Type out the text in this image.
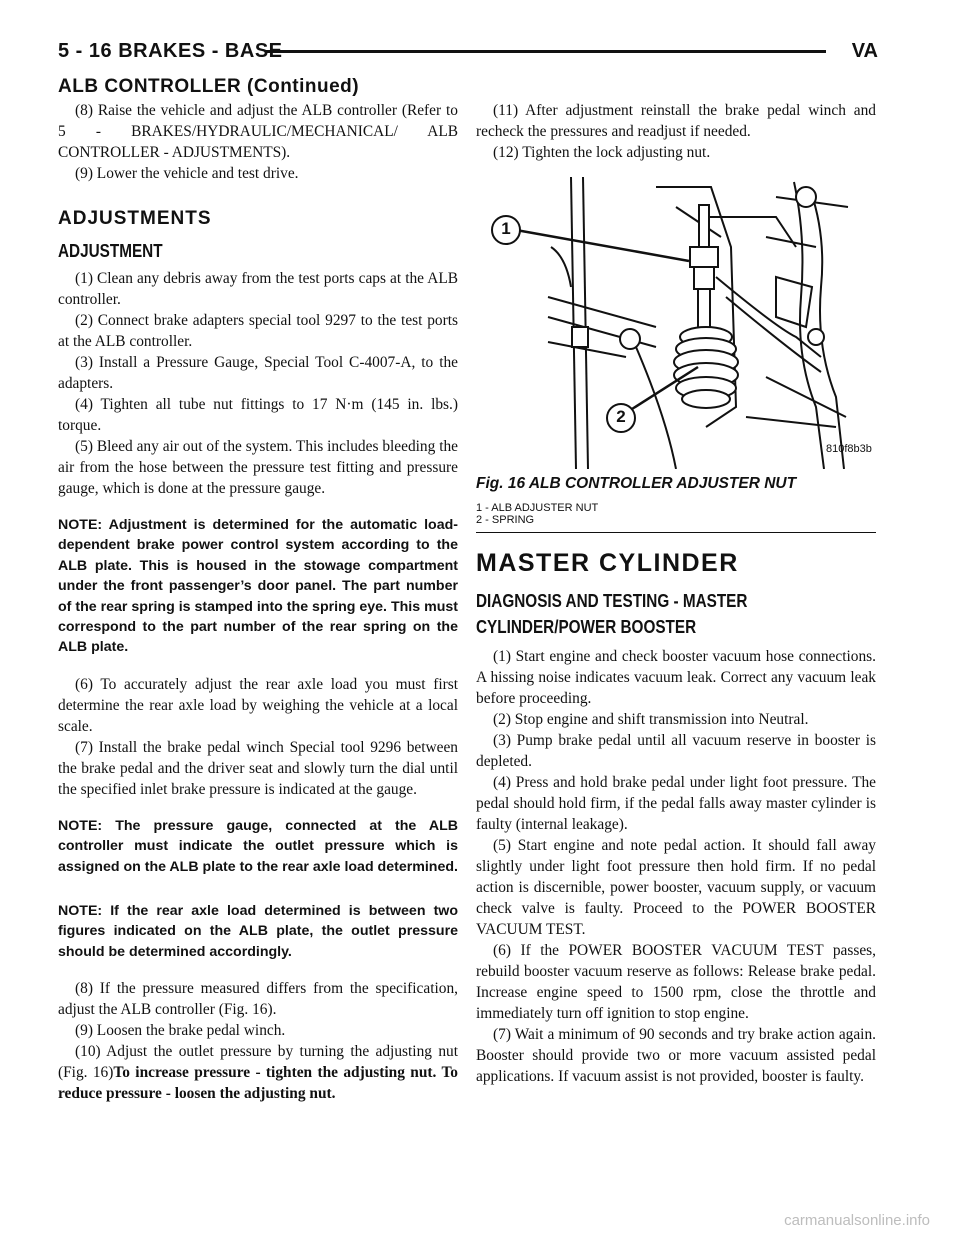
5 - 16 BRAKES - BASE	VA
ALB CONTROLLER (Continued)

(8) Raise the vehicle and adjust the ALB controller (Refer to 5 - BRAKES/HYDRAULIC/MECHANICAL/ ALB CONTROLLER - ADJUSTMENTS).

(9) Lower the vehicle and test drive.

ADJUSTMENTS
ADJUSTMENT

(1) Clean any debris away from the test ports caps at the ALB controller.

(2) Connect brake adapters special tool 9297 to the test ports at the ALB controller.

(3) Install a Pressure Gauge, Special Tool C-4007-A, to the adapters.

(4) Tighten all tube nut fittings to 17 N·m (145 in. lbs.) torque.

(5) Bleed any air out of the system. This includes bleeding the air from the hose between the pressure test fitting and pressure gauge, which is done at the pressure gauge.

NOTE: Adjustment is determined for the automatic load-dependent brake power control system according to the ALB plate. This is housed in the stowage compartment under the front passenger’s door panel. The part number of the rear spring is stamped into the spring eye. This must correspond to the part number of the rear spring on the ALB plate.

(6) To accurately adjust the rear axle load you must first determine the rear axle load by weighing the vehicle at a local scale.

(7) Install the brake pedal winch Special tool 9296 between the brake pedal and the driver seat and slowly turn the dial until the specified inlet brake pressure is indicated at the gauge.

NOTE: The pressure gauge, connected at the ALB controller must indicate the outlet pressure which is assigned on the ALB plate to the rear axle load determined.

NOTE: If the rear axle load determined is between two figures indicated on the ALB plate, the outlet pressure should be determined accordingly.

(8) If the pressure measured differs from the specification, adjust the ALB controller (Fig. 16).

(9) Loosen the brake pedal winch.

(10) Adjust the outlet pressure by turning the adjusting nut (Fig. 16)To increase pressure - tighten the adjusting nut. To reduce pressure - loosen the adjusting nut.

(11) After adjustment reinstall the brake pedal winch and recheck the pressures and readjust if needed.

(12) Tighten the lock adjusting nut.

1
2
810f8b3b
Fig. 16 ALB CONTROLLER ADJUSTER NUT
1 - ALB ADJUSTER NUT
2 - SPRING
MASTER CYLINDER
DIAGNOSIS AND TESTING - MASTER
CYLINDER/POWER BOOSTER

(1) Start engine and check booster vacuum hose connections. A hissing noise indicates vacuum leak. Correct any vacuum leak before proceeding.

(2) Stop engine and shift transmission into Neutral.

(3) Pump brake pedal until all vacuum reserve in booster is depleted.

(4) Press and hold brake pedal under light foot pressure. The pedal should hold firm, if the pedal falls away master cylinder is faulty (internal leakage).

(5) Start engine and note pedal action. It should fall away slightly under light foot pressure then hold firm. If no pedal action is discernible, power booster, vacuum supply, or vacuum check valve is faulty. Proceed to the POWER BOOSTER VACUUM TEST.

(6) If the POWER BOOSTER VACUUM TEST passes, rebuild booster vacuum reserve as follows: Release brake pedal. Increase engine speed to 1500 rpm, close the throttle and immediately turn off ignition to stop engine.

(7) Wait a minimum of 90 seconds and try brake action again. Booster should provide two or more vacuum assisted pedal applications. If vacuum assist is not provided, booster is faulty.

carmanualsonline.info
